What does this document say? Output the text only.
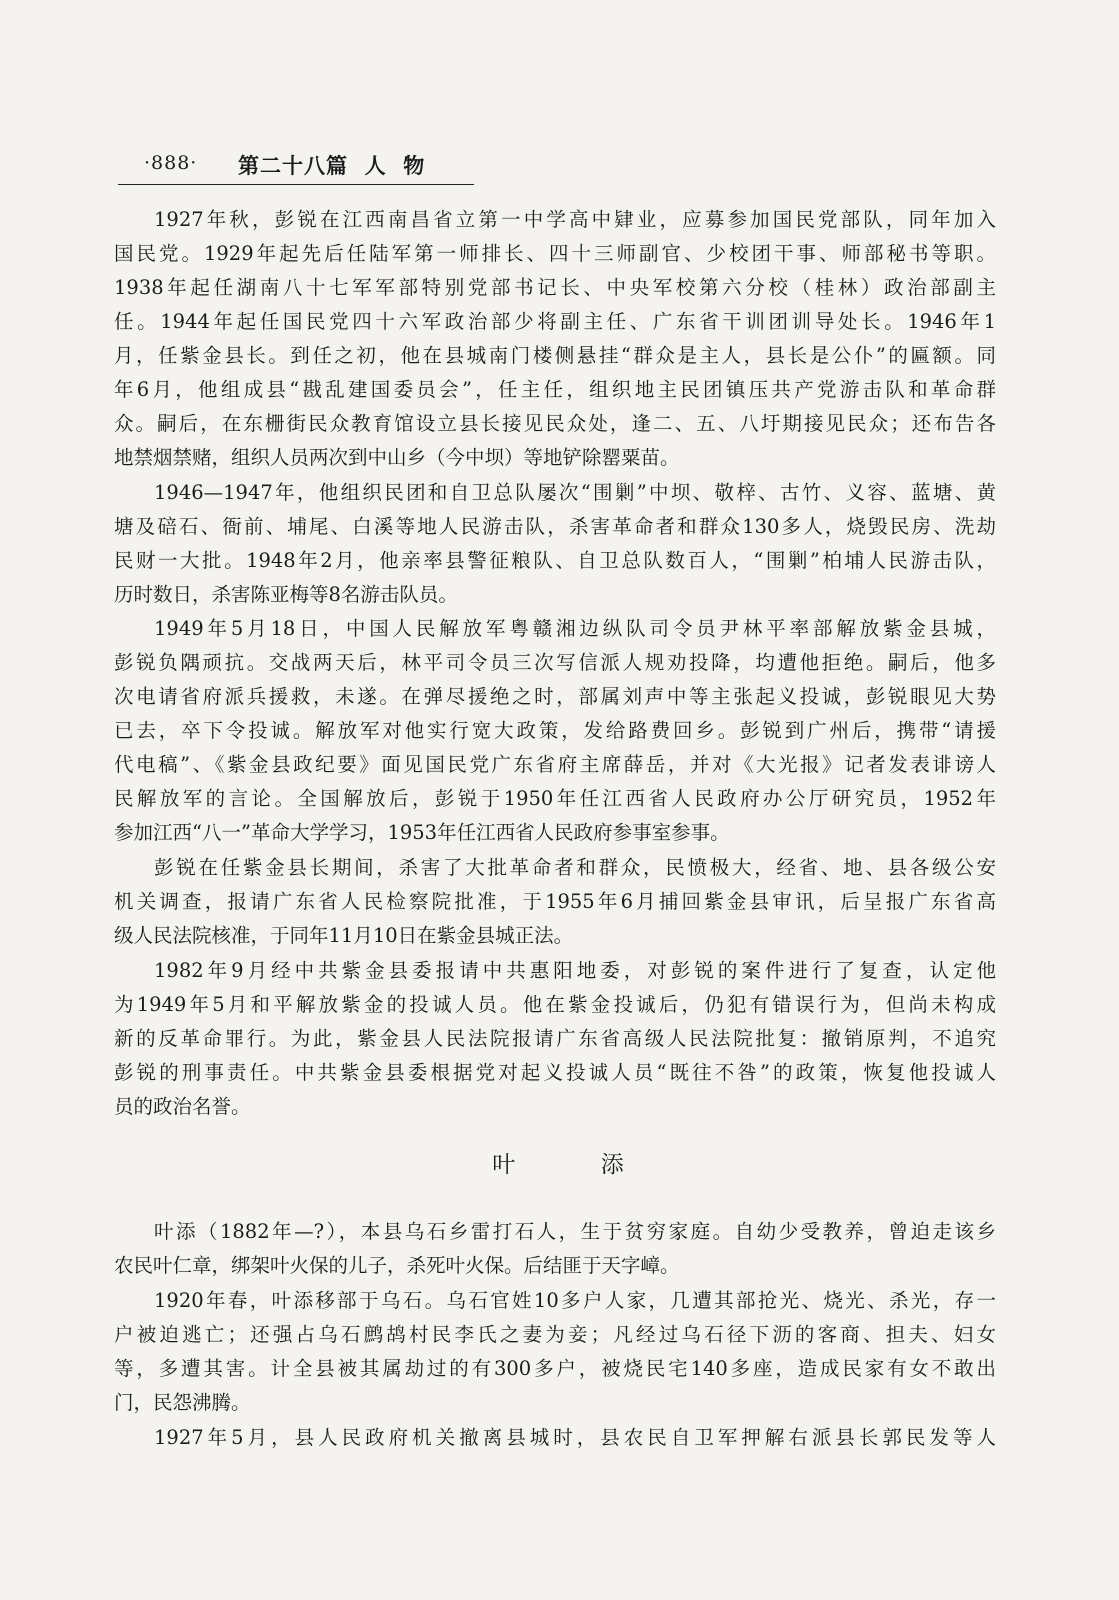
·888· 第二十八篇  人  物
1927年秋，彭锐在江西南昌省立第一中学高中肄业，应募参加国民党部队，同年加入
国民党。1929年起先后任陆军第一师排长、四十三师副官、少校团干事、师部秘书等职。
1938年起任湖南八十七军军部特别党部书记长、中央军校第六分校（桂林）政治部副主
任。1944年起任国民党四十六军政治部少将副主任、广东省干训团训导处长。1946年1
月，任紫金县长。到任之初，他在县城南门楼侧悬挂“群众是主人，县长是公仆”的匾额。同
年6月，他组成县“戡乱建国委员会”，任主任，组织地主民团镇压共产党游击队和革命群
众。嗣后，在东栅街民众教育馆设立县长接见民众处，逢二、五、八圩期接见民众；还布告各
地禁烟禁赌，组织人员两次到中山乡（今中坝）等地铲除罂粟苗。
1946—1947年，他组织民团和自卫总队屡次“围剿”中坝、敬梓、古竹、义容、蓝塘、黄
塘及碚石、衙前、埔尾、白溪等地人民游击队，杀害革命者和群众130多人，烧毁民房、洗劫
民财一大批。1948年2月，他亲率县警征粮队、自卫总队数百人，“围剿”柏埔人民游击队，
历时数日，杀害陈亚梅等8名游击队员。
1949年5月18日，中国人民解放军粤赣湘边纵队司令员尹林平率部解放紫金县城，
彭锐负隅顽抗。交战两天后，林平司令员三次写信派人规劝投降，均遭他拒绝。嗣后，他多
次电请省府派兵援救，未遂。在弹尽援绝之时，部属刘声中等主张起义投诚，彭锐眼见大势
已去，卒下令投诚。解放军对他实行宽大政策，发给路费回乡。彭锐到广州后，携带“请援
代电稿”、《紫金县政纪要》面见国民党广东省府主席薛岳，并对《大光报》记者发表诽谤人
民解放军的言论。全国解放后，彭锐于1950年任江西省人民政府办公厅研究员，1952年
参加江西“八一”革命大学学习，1953年任江西省人民政府参事室参事。
彭锐在任紫金县长期间，杀害了大批革命者和群众，民愤极大，经省、地、县各级公安
机关调查，报请广东省人民检察院批准，于1955年6月捕回紫金县审讯，后呈报广东省高
级人民法院核准，于同年11月10日在紫金县城正法。
1982年9月经中共紫金县委报请中共惠阳地委，对彭锐的案件进行了复查，认定他
为1949年5月和平解放紫金的投诚人员。他在紫金投诚后，仍犯有错误行为，但尚未构成
新的反革命罪行。为此，紫金县人民法院报请广东省高级人民法院批复：撤销原判，不追究
彭锐的刑事责任。中共紫金县委根据党对起义投诚人员“既往不咎”的政策，恢复他投诚人
员的政治名誉。
叶        添
叶添（1882年—?），本县乌石乡雷打石人，生于贫穷家庭。自幼少受教养，曾迫走该乡
农民叶仁章，绑架叶火保的儿子，杀死叶火保。后结匪于天字嶂。
1920年春，叶添移部于乌石。乌石官姓10多户人家，几遭其部抢光、烧光、杀光，存一
户被迫逃亡；还强占乌石鹧鸪村民李氏之妻为妾；凡经过乌石径下沥的客商、担夫、妇女
等，多遭其害。计全县被其属劫过的有300多户，被烧民宅140多座，造成民家有女不敢出
门，民怨沸腾。
1927年5月，县人民政府机关撤离县城时，县农民自卫军押解右派县长郭民发等人
